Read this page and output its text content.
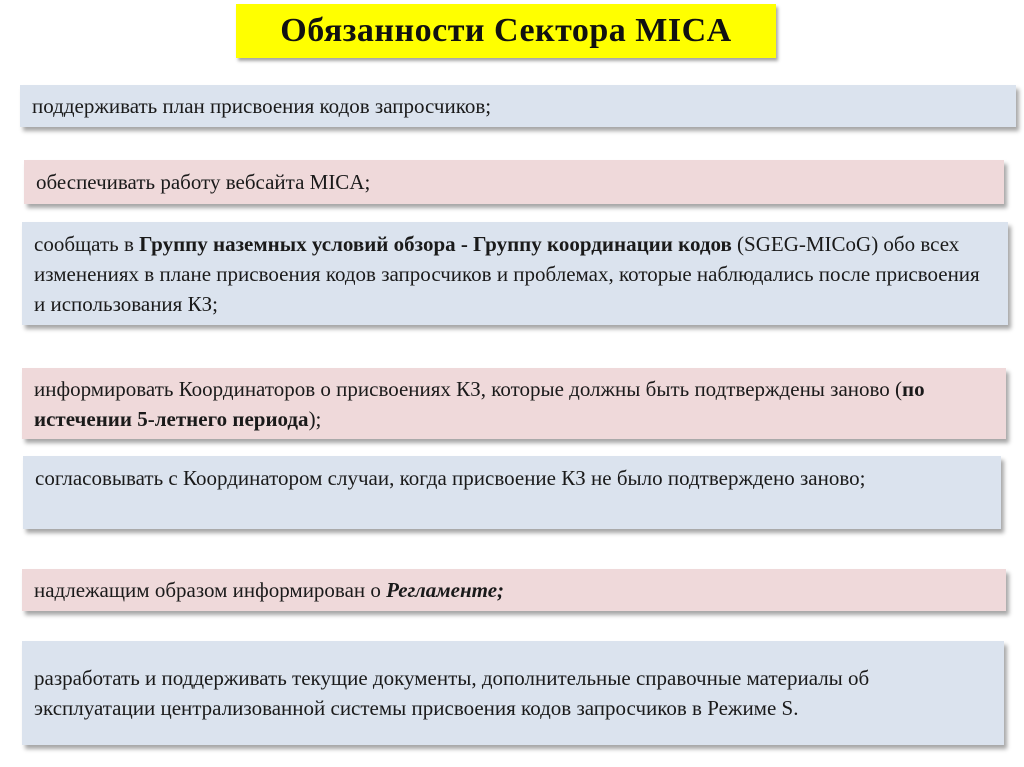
Обязанности Сектора MICA
поддерживать план присвоения кодов запросчиков;
обеспечивать работу вебсайта MICA;
сообщать в Группу наземных условий обзора - Группу координации кодов (SGEG-MICoG) обо всех изменениях в плане присвоения кодов запросчиков и проблемах, которые наблюдались после присвоения и использования КЗ;
информировать Координаторов о присвоениях КЗ, которые должны быть подтверждены заново (по истечении 5-летнего периода);
согласовывать с Координатором случаи, когда присвоение КЗ не было подтверждено заново;
надлежащим образом информирован о Регламенте;
разработать и поддерживать текущие документы, дополнительные справочные материалы об эксплуатации централизованной системы присвоения кодов запросчиков в Режиме S.
